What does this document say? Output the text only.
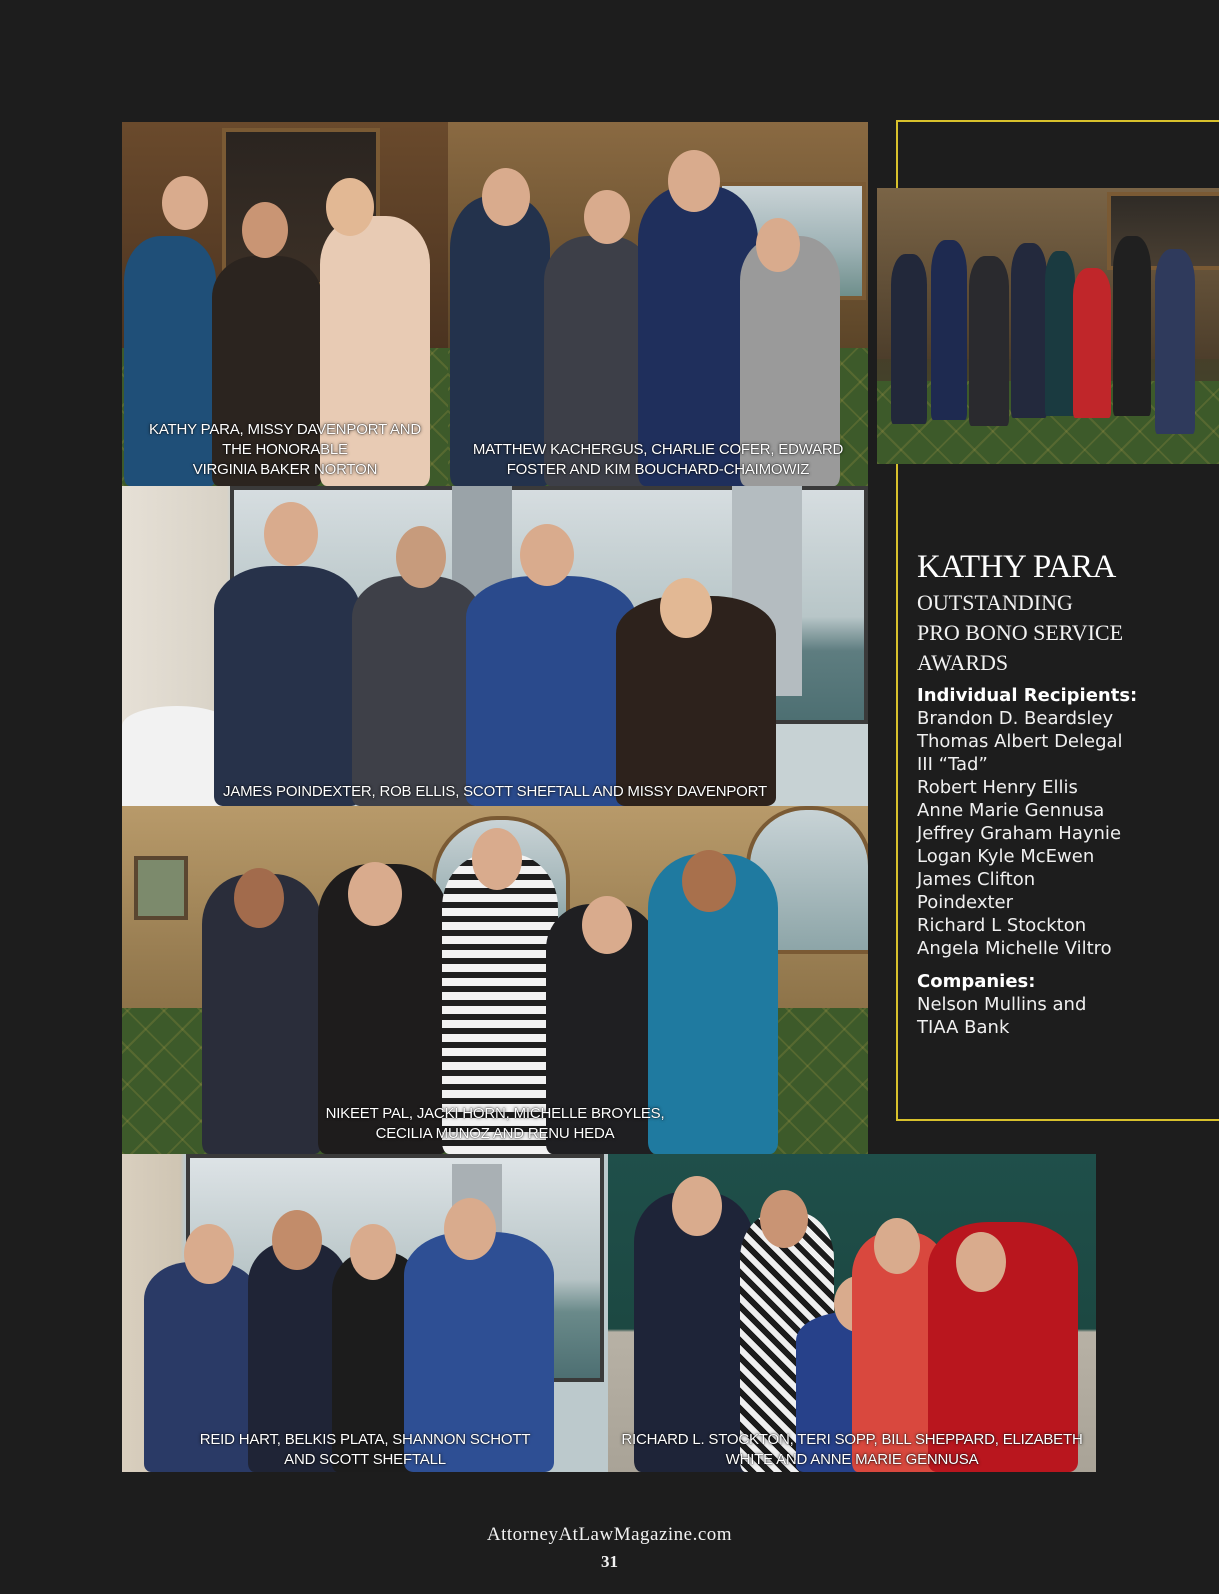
KATHY PARA, MISSY DAVENPORT AND
THE HONORABLE
VIRGINIA BAKER NORTON
MATTHEW KACHERGUS, CHARLIE COFER, EDWARD
FOSTER AND KIM BOUCHARD-CHAIMOWIZ

KATHY PARA

OUTSTANDING
PRO BONO SERVICE
AWARDS

Individual Recipients:

Brandon D. Beardsley

Thomas Albert Delegal

III “Tad”

Robert Henry Ellis

Anne Marie Gennusa

Jeffrey Graham Haynie

Logan Kyle McEwen

James Clifton

Poindexter

Richard L Stockton

Angela Michelle Viltro

Companies:

Nelson Mullins and

TIAA Bank

JAMES POINDEXTER, ROB ELLIS, SCOTT SHEFTALL AND MISSY DAVENPORT
NIKEET PAL, JACKI HORN, MICHELLE BROYLES,
CECILIA MUNOZ AND RENU HEDA
REID HART, BELKIS PLATA, SHANNON SCHOTT
AND SCOTT SHEFTALL
RICHARD L. STOCKTON, TERI SOPP, BILL SHEPPARD, ELIZABETH
WHITE AND ANNE MARIE GENNUSA
AttorneyAtLawMagazine.com
31
